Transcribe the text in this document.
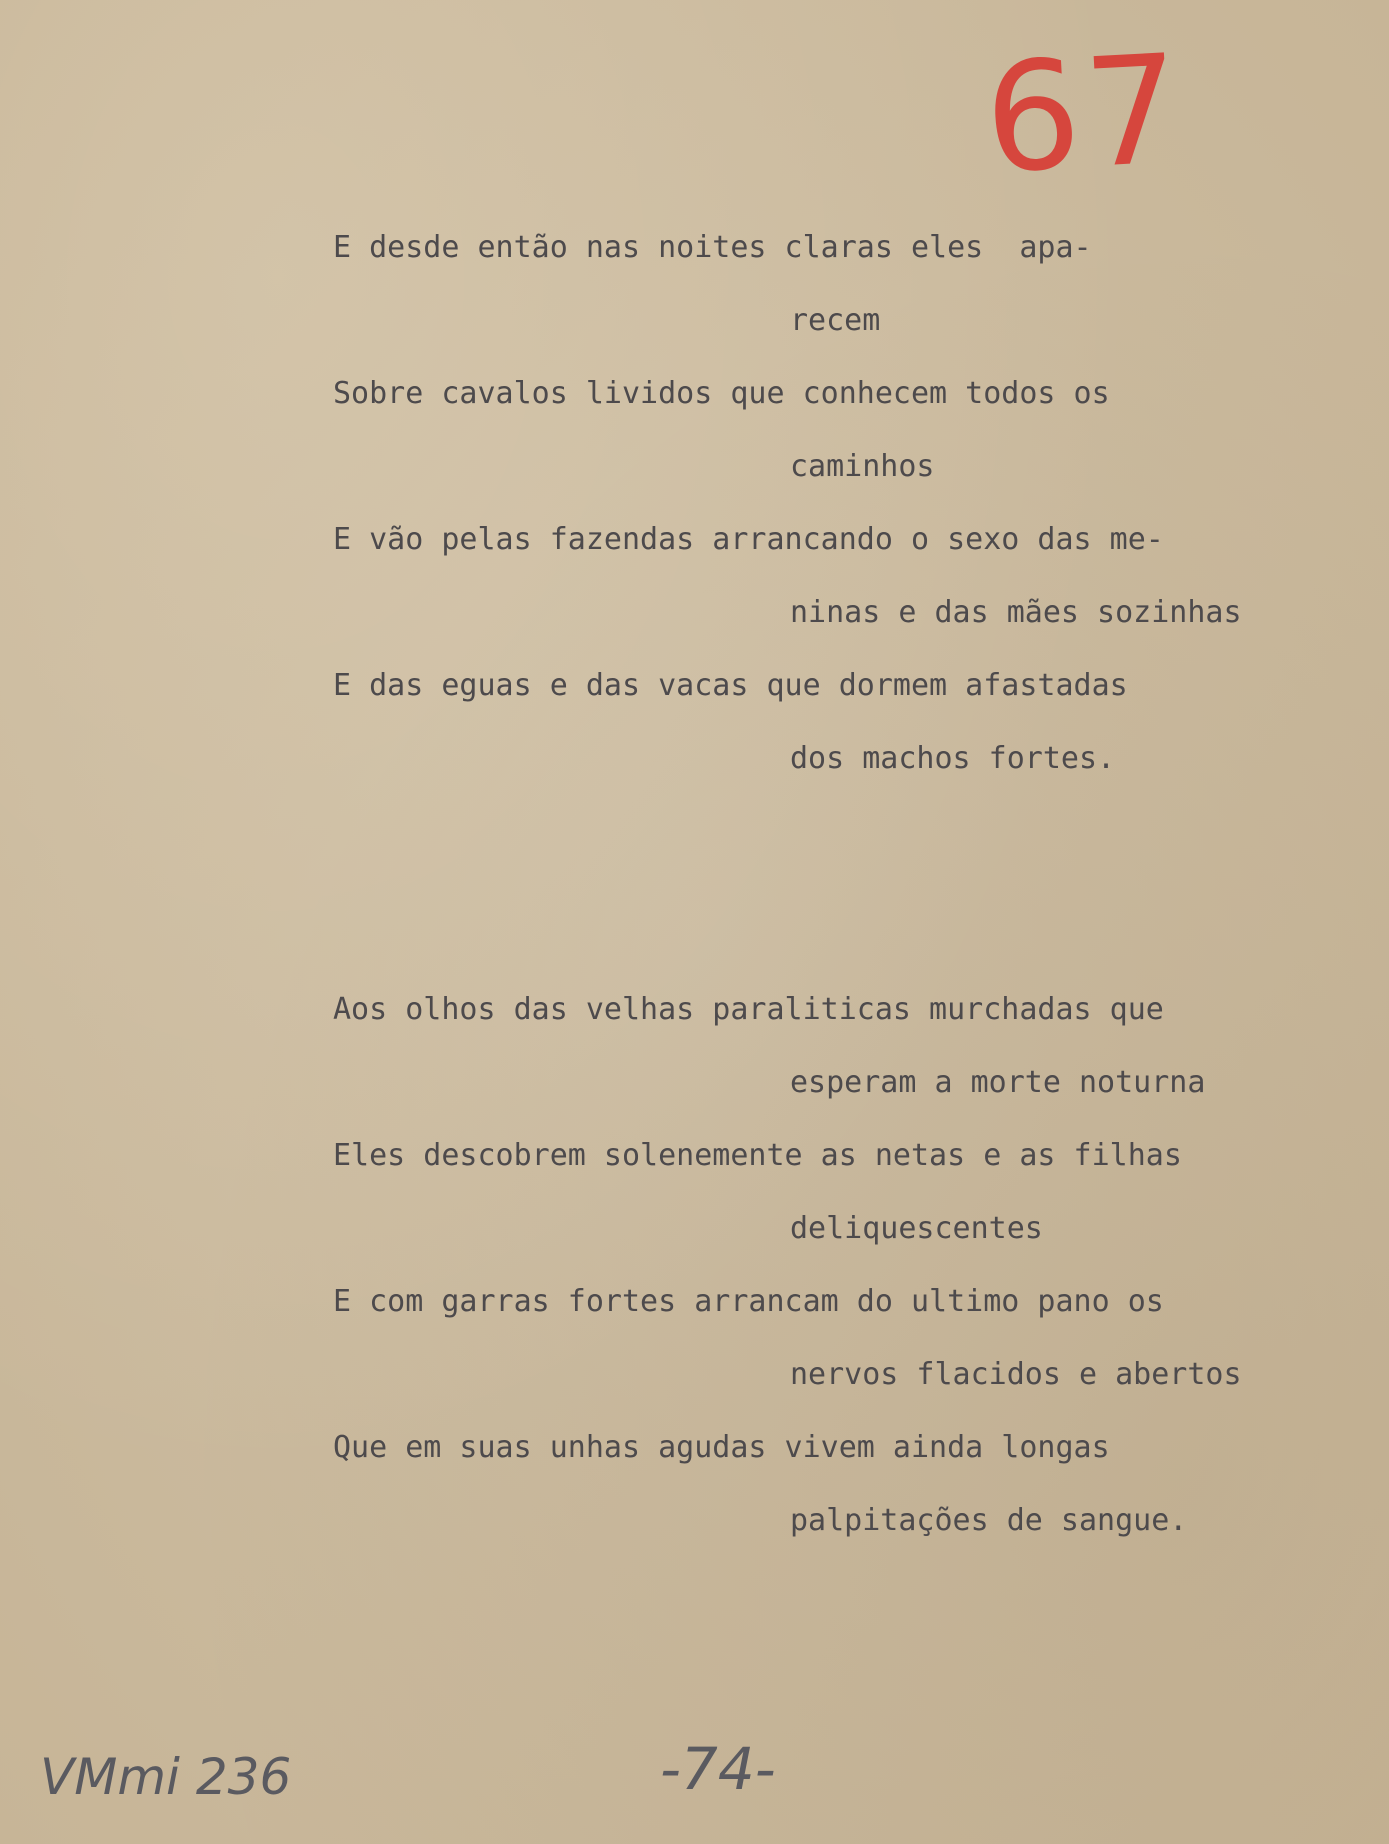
67
E desde então nas noites claras eles  apa-
recem
Sobre cavalos lividos que conhecem todos os
caminhos
E vão pelas fazendas arrancando o sexo das me-
ninas e das mães sozinhas
E das eguas e das vacas que dormem afastadas
dos machos fortes.
Aos olhos das velhas paraliticas murchadas que
esperam a morte noturna
Eles descobrem solenemente as netas e as filhas
deliquescentes
E com garras fortes arrancam do ultimo pano os
nervos flacidos e abertos
Que em suas unhas agudas vivem ainda longas
palpitações de sangue.
VMmi 236	-74-
